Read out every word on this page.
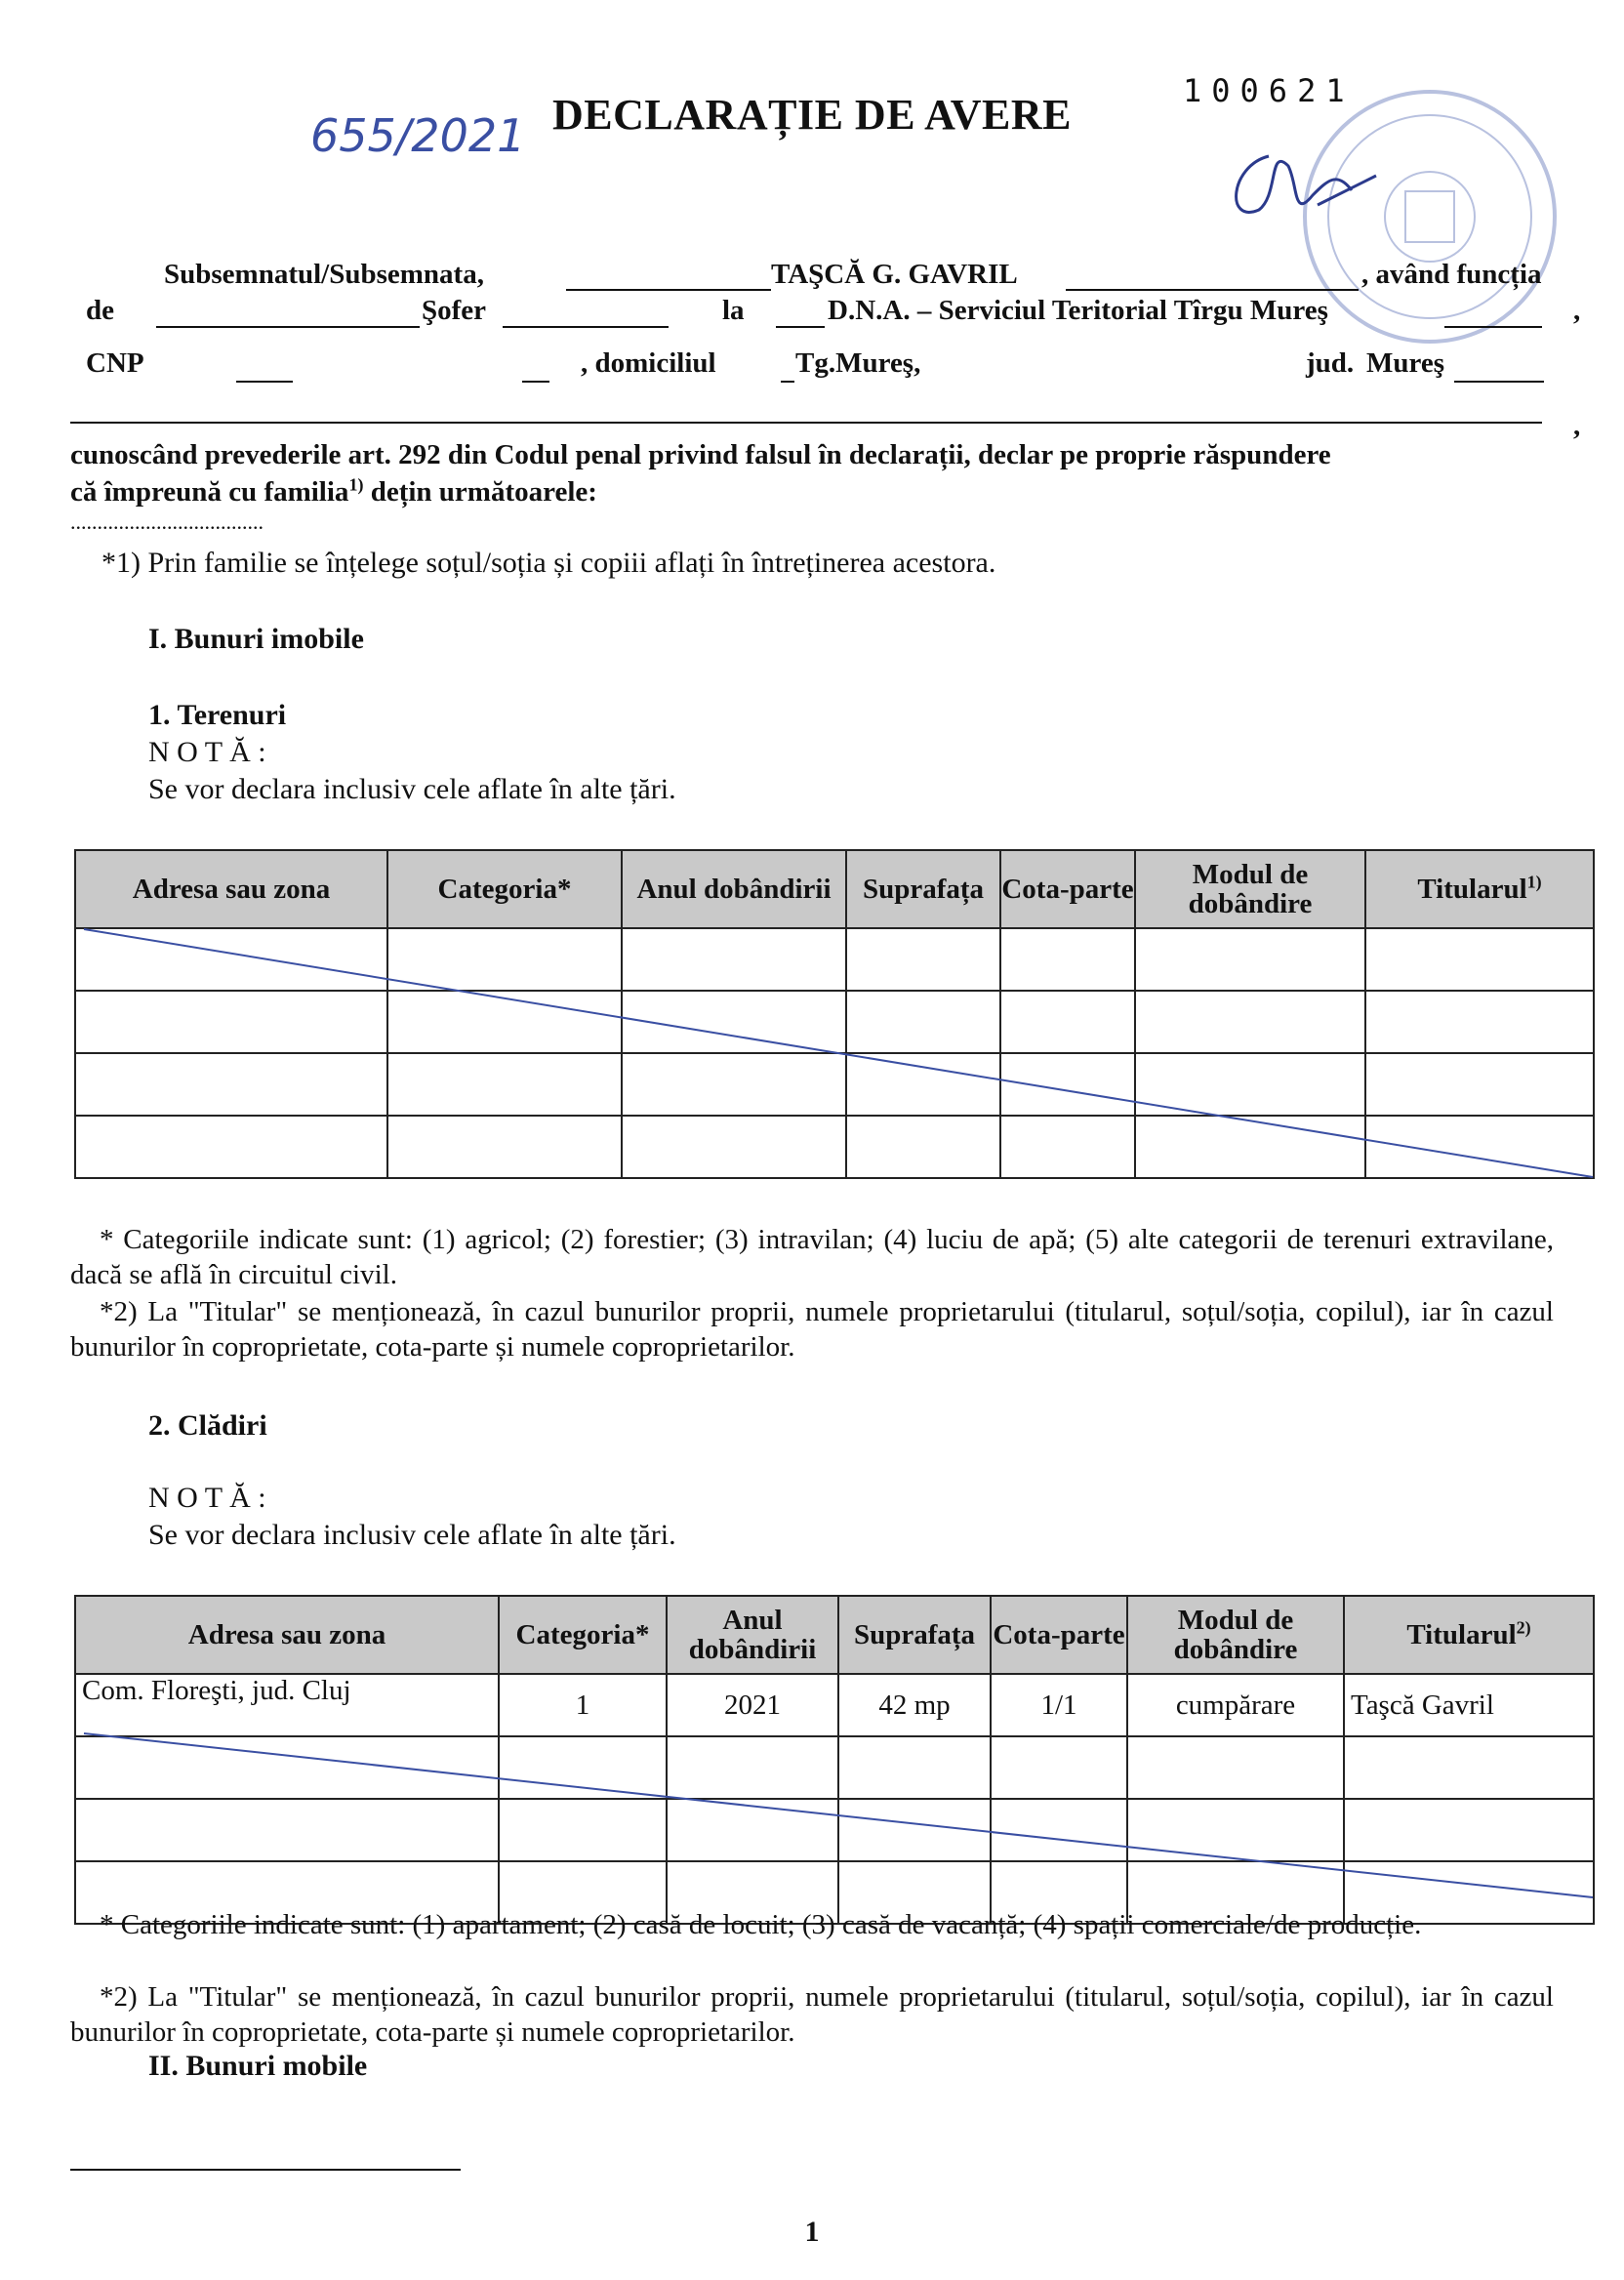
655/2021 DECLARAȚIE DE AVERE	100621
Subsemnatul/Subsemnata,	TAŞCĂ G. GAVRIL	, având funcția
de	Şofer	la	D.N.A. – Serviciul Teritorial Tîrgu Mureş	,
CNP	, domiciliul	Tg.Mureş,	jud. Mureş
,
cunoscând prevederile art. 292 din Codul penal privind falsul în declarații, declar pe proprie răspundere
că împreună cu familia$^{1)}$ dețin următoarele:
....................................
*1) Prin familie se înțelege soțul/soția și copiii aflați în întreținerea acestora.
I. Bunuri imobile
1. Terenuri
N O T Ă :
Se vor declara inclusiv cele aflate în alte țări.
Adresa sau zona	Categoria*	Anul dobândirii	Suprafața	Cota-parte	Modul de dobândire	Titularul$^{1)}$

* Categoriile indicate sunt: (1) agricol; (2) forestier; (3) intravilan; (4) luciu de apă; (5) alte categorii de terenuri extravilane, dacă se află în circuitul civil.
*2) La "Titular" se menționează, în cazul bunurilor proprii, numele proprietarului (titularul, soțul/soția, copilul), iar în cazul bunurilor în coproprietate, cota-parte și numele coproprietarilor.
2. Clădiri
N O T Ă :
Se vor declara inclusiv cele aflate în alte țări.
Adresa sau zona	Categoria*	Anul dobândirii	Suprafața	Cota-parte	Modul de dobândire	Titularul$^{2)}$
Com. Floreşti, jud. Cluj	1	2021	42 mp	1/1	cumpărare	Taşcă Gavril

* Categoriile indicate sunt: (1) apartament; (2) casă de locuit; (3) casă de vacanță; (4) spații comerciale/de producție.
*2) La "Titular" se menționează, în cazul bunurilor proprii, numele proprietarului (titularul, soțul/soția, copilul), iar în cazul bunurilor în coproprietate, cota-parte și numele coproprietarilor.
II. Bunuri mobile
1
